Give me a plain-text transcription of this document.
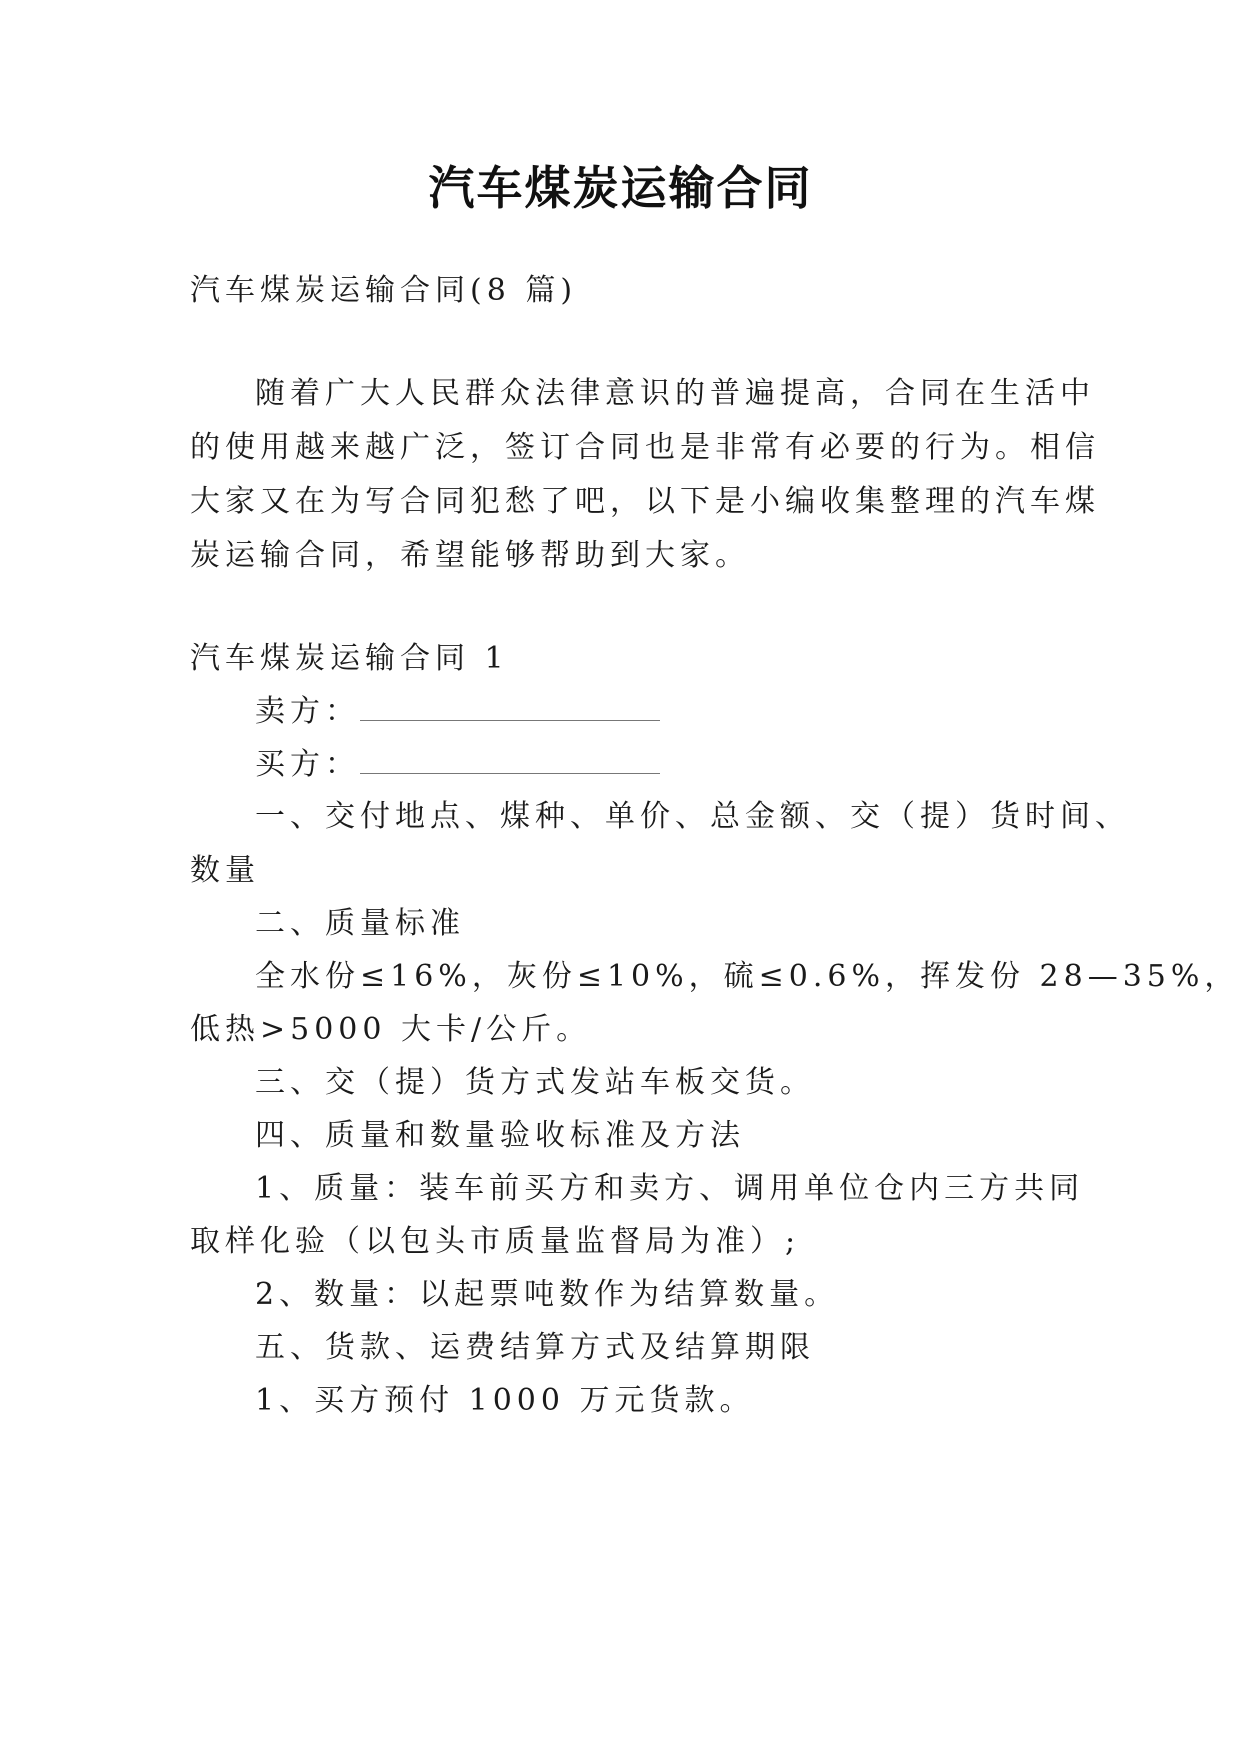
汽车煤炭运输合同
汽车煤炭运输合同(8 篇)
随着广大人民群众法律意识的普遍提高，合同在生活中
的使用越来越广泛，签订合同也是非常有必要的行为。相信
大家又在为写合同犯愁了吧，以下是小编收集整理的汽车煤
炭运输合同，希望能够帮助到大家。
汽车煤炭运输合同 1
卖方：
买方：
一、交付地点、煤种、单价、总金额、交（提）货时间、
数量
二、质量标准
全水份≤16%，灰份≤10%，硫≤0.6%，挥发份 28—35%，
低热>5000 大卡/公斤。
三、交（提）货方式发站车板交货。
四、质量和数量验收标准及方法
1、质量：装车前买方和卖方、调用单位仓内三方共同
取样化验（以包头市质量监督局为准）;
2、数量：以起票吨数作为结算数量。
五、货款、运费结算方式及结算期限
1、买方预付 1000 万元货款。
